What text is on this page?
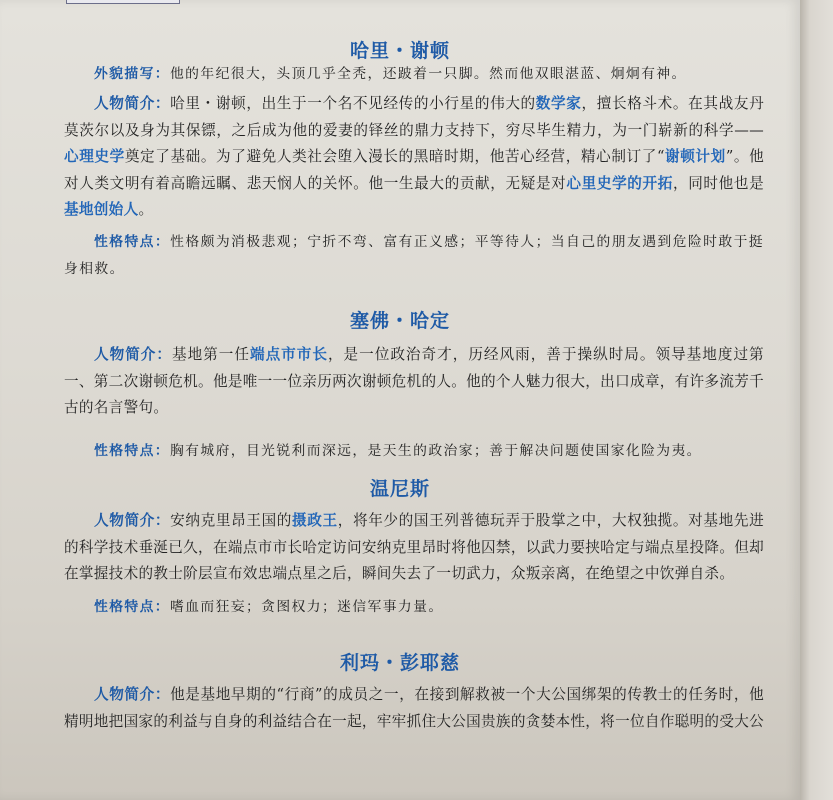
哈里・谢顿
外貌描写：他的年纪很大，头顶几乎全秃，还跛着一只脚。然而他双眼湛蓝、炯炯有神。
人物简介：哈里・谢顿，出生于一个名不见经传的小行星的伟大的数学家，擅长格斗术。在其战友丹莫茨尔以及身为其保镖，之后成为他的爱妻的铎丝的鼎力支持下，穷尽毕生精力，为一门崭新的科学——心理史学奠定了基础。为了避免人类社会堕入漫长的黑暗时期，他苦心经营，精心制订了“谢顿计划”。他对人类文明有着高瞻远瞩、悲天悯人的关怀。他一生最大的贡献，无疑是对心里史学的开拓，同时他也是基地创始人。
性格特点：性格颇为消极悲观；宁折不弯、富有正义感；平等待人；当自己的朋友遇到危险时敢于挺身相救。
塞佛・哈定
人物简介：基地第一任端点市市长，是一位政治奇才，历经风雨，善于操纵时局。领导基地度过第一、第二次谢顿危机。他是唯一一位亲历两次谢顿危机的人。他的个人魅力很大，出口成章，有许多流芳千古的名言警句。
性格特点：胸有城府，目光锐利而深远，是天生的政治家；善于解决问题使国家化险为夷。
温尼斯
人物简介：安纳克里昂王国的摄政王，将年少的国王列普德玩弄于股掌之中，大权独揽。对基地先进的科学技术垂涎已久，在端点市市长哈定访问安纳克里昂时将他囚禁，以武力要挟哈定与端点星投降。但却在掌握技术的教士阶层宣布效忠端点星之后，瞬间失去了一切武力，众叛亲离，在绝望之中饮弹自杀。
性格特点：嗜血而狂妄；贪图权力；迷信军事力量。
利玛・彭耶慈
人物简介：他是基地早期的“行商”的成员之一，在接到解救被一个大公国绑架的传教士的任务时，他精明地把国家的利益与自身的利益结合在一起，牢牢抓住大公国贵族的贪婪本性，将一位自作聪明的受大公
